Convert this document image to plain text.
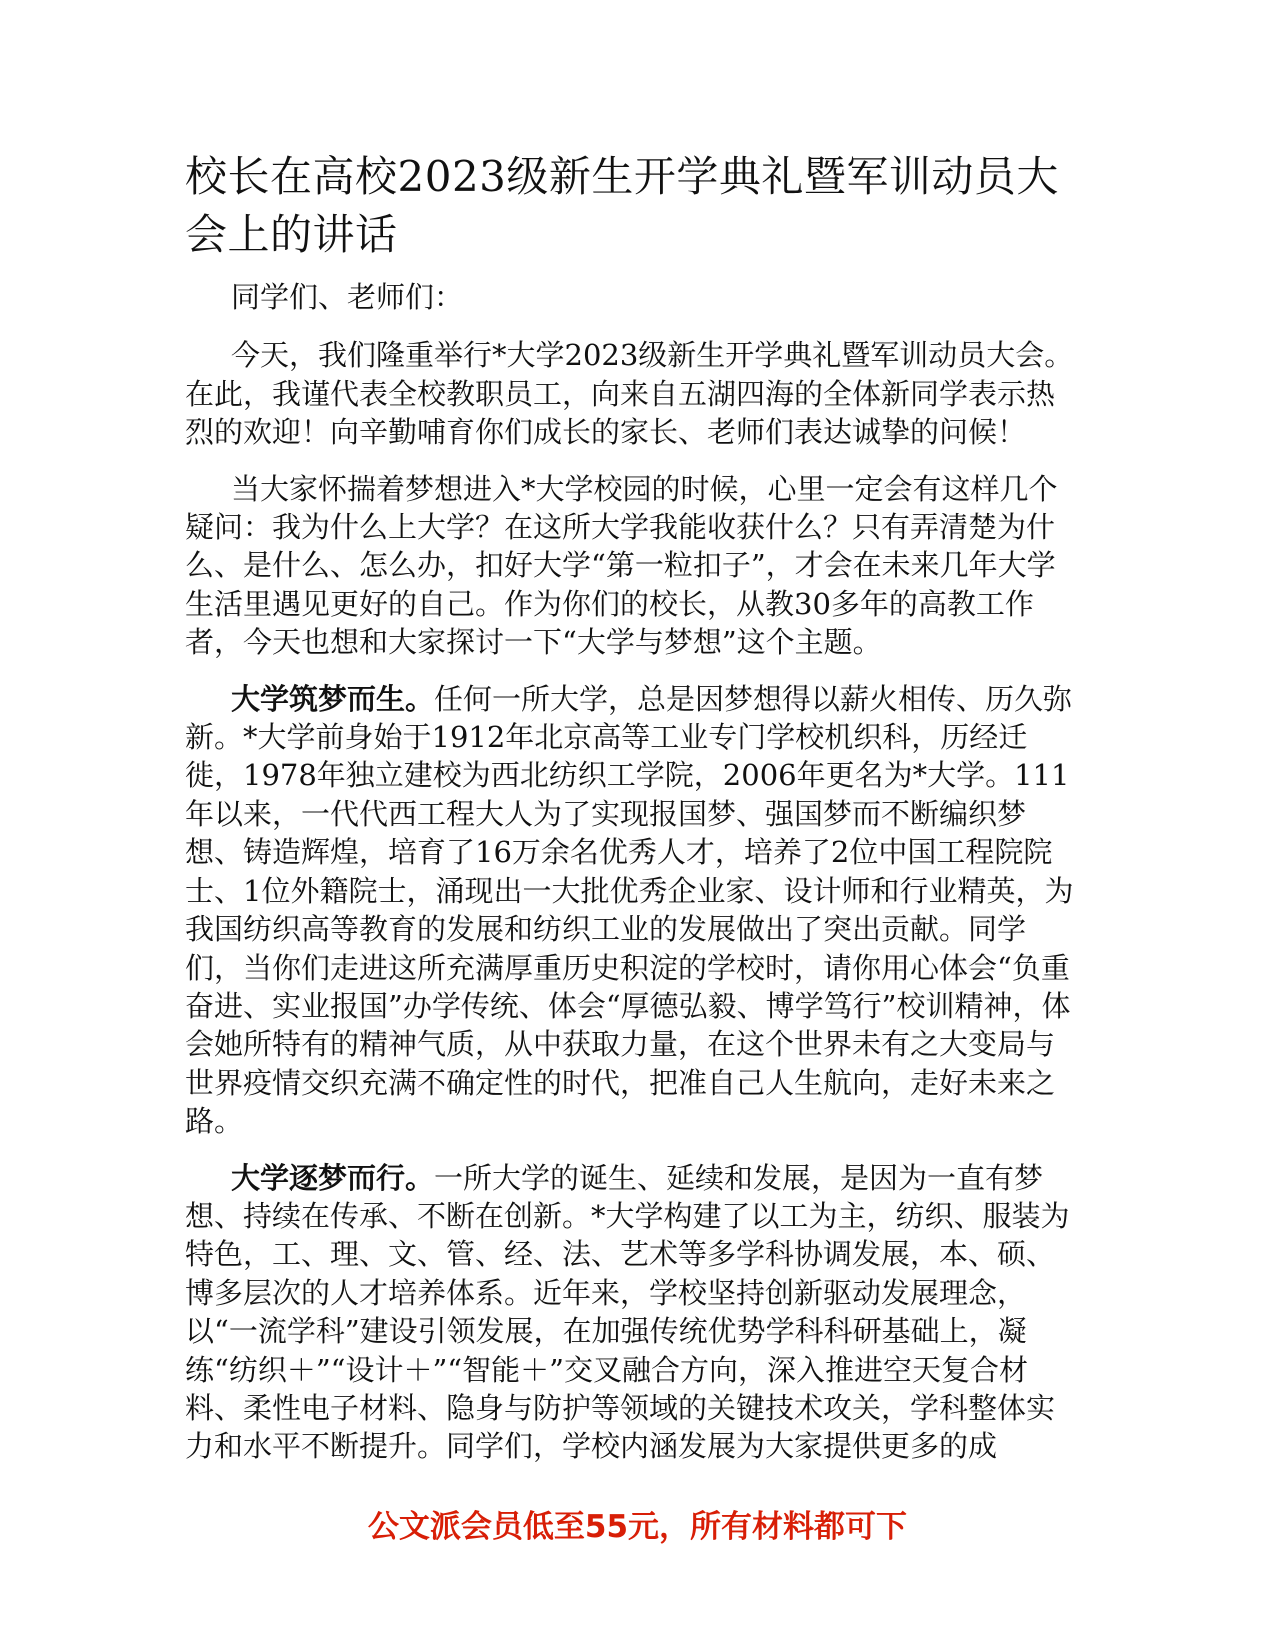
校长在高校2023级新生开学典礼暨军训动员大会上的讲话

同学们、老师们：

今天，我们隆重举行*大学2023级新生开学典礼暨军训动员大会。在此，我谨代表全校教职员工，向来自五湖四海的全体新同学表示热烈的欢迎！向辛勤哺育你们成长的家长、老师们表达诚挚的问候！

当大家怀揣着梦想进入*大学校园的时候，心里一定会有这样几个疑问：我为什么上大学？在这所大学我能收获什么？只有弄清楚为什么、是什么、怎么办，扣好大学“第一粒扣子”，才会在未来几年大学生活里遇见更好的自己。作为你们的校长，从教30多年的高教工作者，今天也想和大家探讨一下“大学与梦想”这个主题。

大学筑梦而生。任何一所大学，总是因梦想得以薪火相传、历久弥新。*大学前身始于1912年北京高等工业专门学校机织科，历经迁徙，1978年独立建校为西北纺织工学院，2006年更名为*大学。111年以来，一代代西工程大人为了实现报国梦、强国梦而不断编织梦想、铸造辉煌，培育了16万余名优秀人才，培养了2位中国工程院院士、1位外籍院士，涌现出一大批优秀企业家、设计师和行业精英，为我国纺织高等教育的发展和纺织工业的发展做出了突出贡献。同学们，当你们走进这所充满厚重历史积淀的学校时，请你用心体会“负重奋进、实业报国”办学传统、体会“厚德弘毅、博学笃行”校训精神，体会她所特有的精神气质，从中获取力量，在这个世界未有之大变局与世界疫情交织充满不确定性的时代，把准自己人生航向，走好未来之路。

大学逐梦而行。一所大学的诞生、延续和发展，是因为一直有梦想、持续在传承、不断在创新。*大学构建了以工为主，纺织、服装为特色，工、理、文、管、经、法、艺术等多学科协调发展，本、硕、博多层次的人才培养体系。近年来，学校坚持创新驱动发展理念，以“一流学科”建设引领发展，在加强传统优势学科科研基础上，凝练“纺织＋”“设计＋”“智能＋”交叉融合方向，深入推进空天复合材料、柔性电子材料、隐身与防护等领域的关键技术攻关，学科整体实力和水平不断提升。同学们，学校内涵发展为大家提供更多的成

公文派会员低至55元，所有材料都可下
